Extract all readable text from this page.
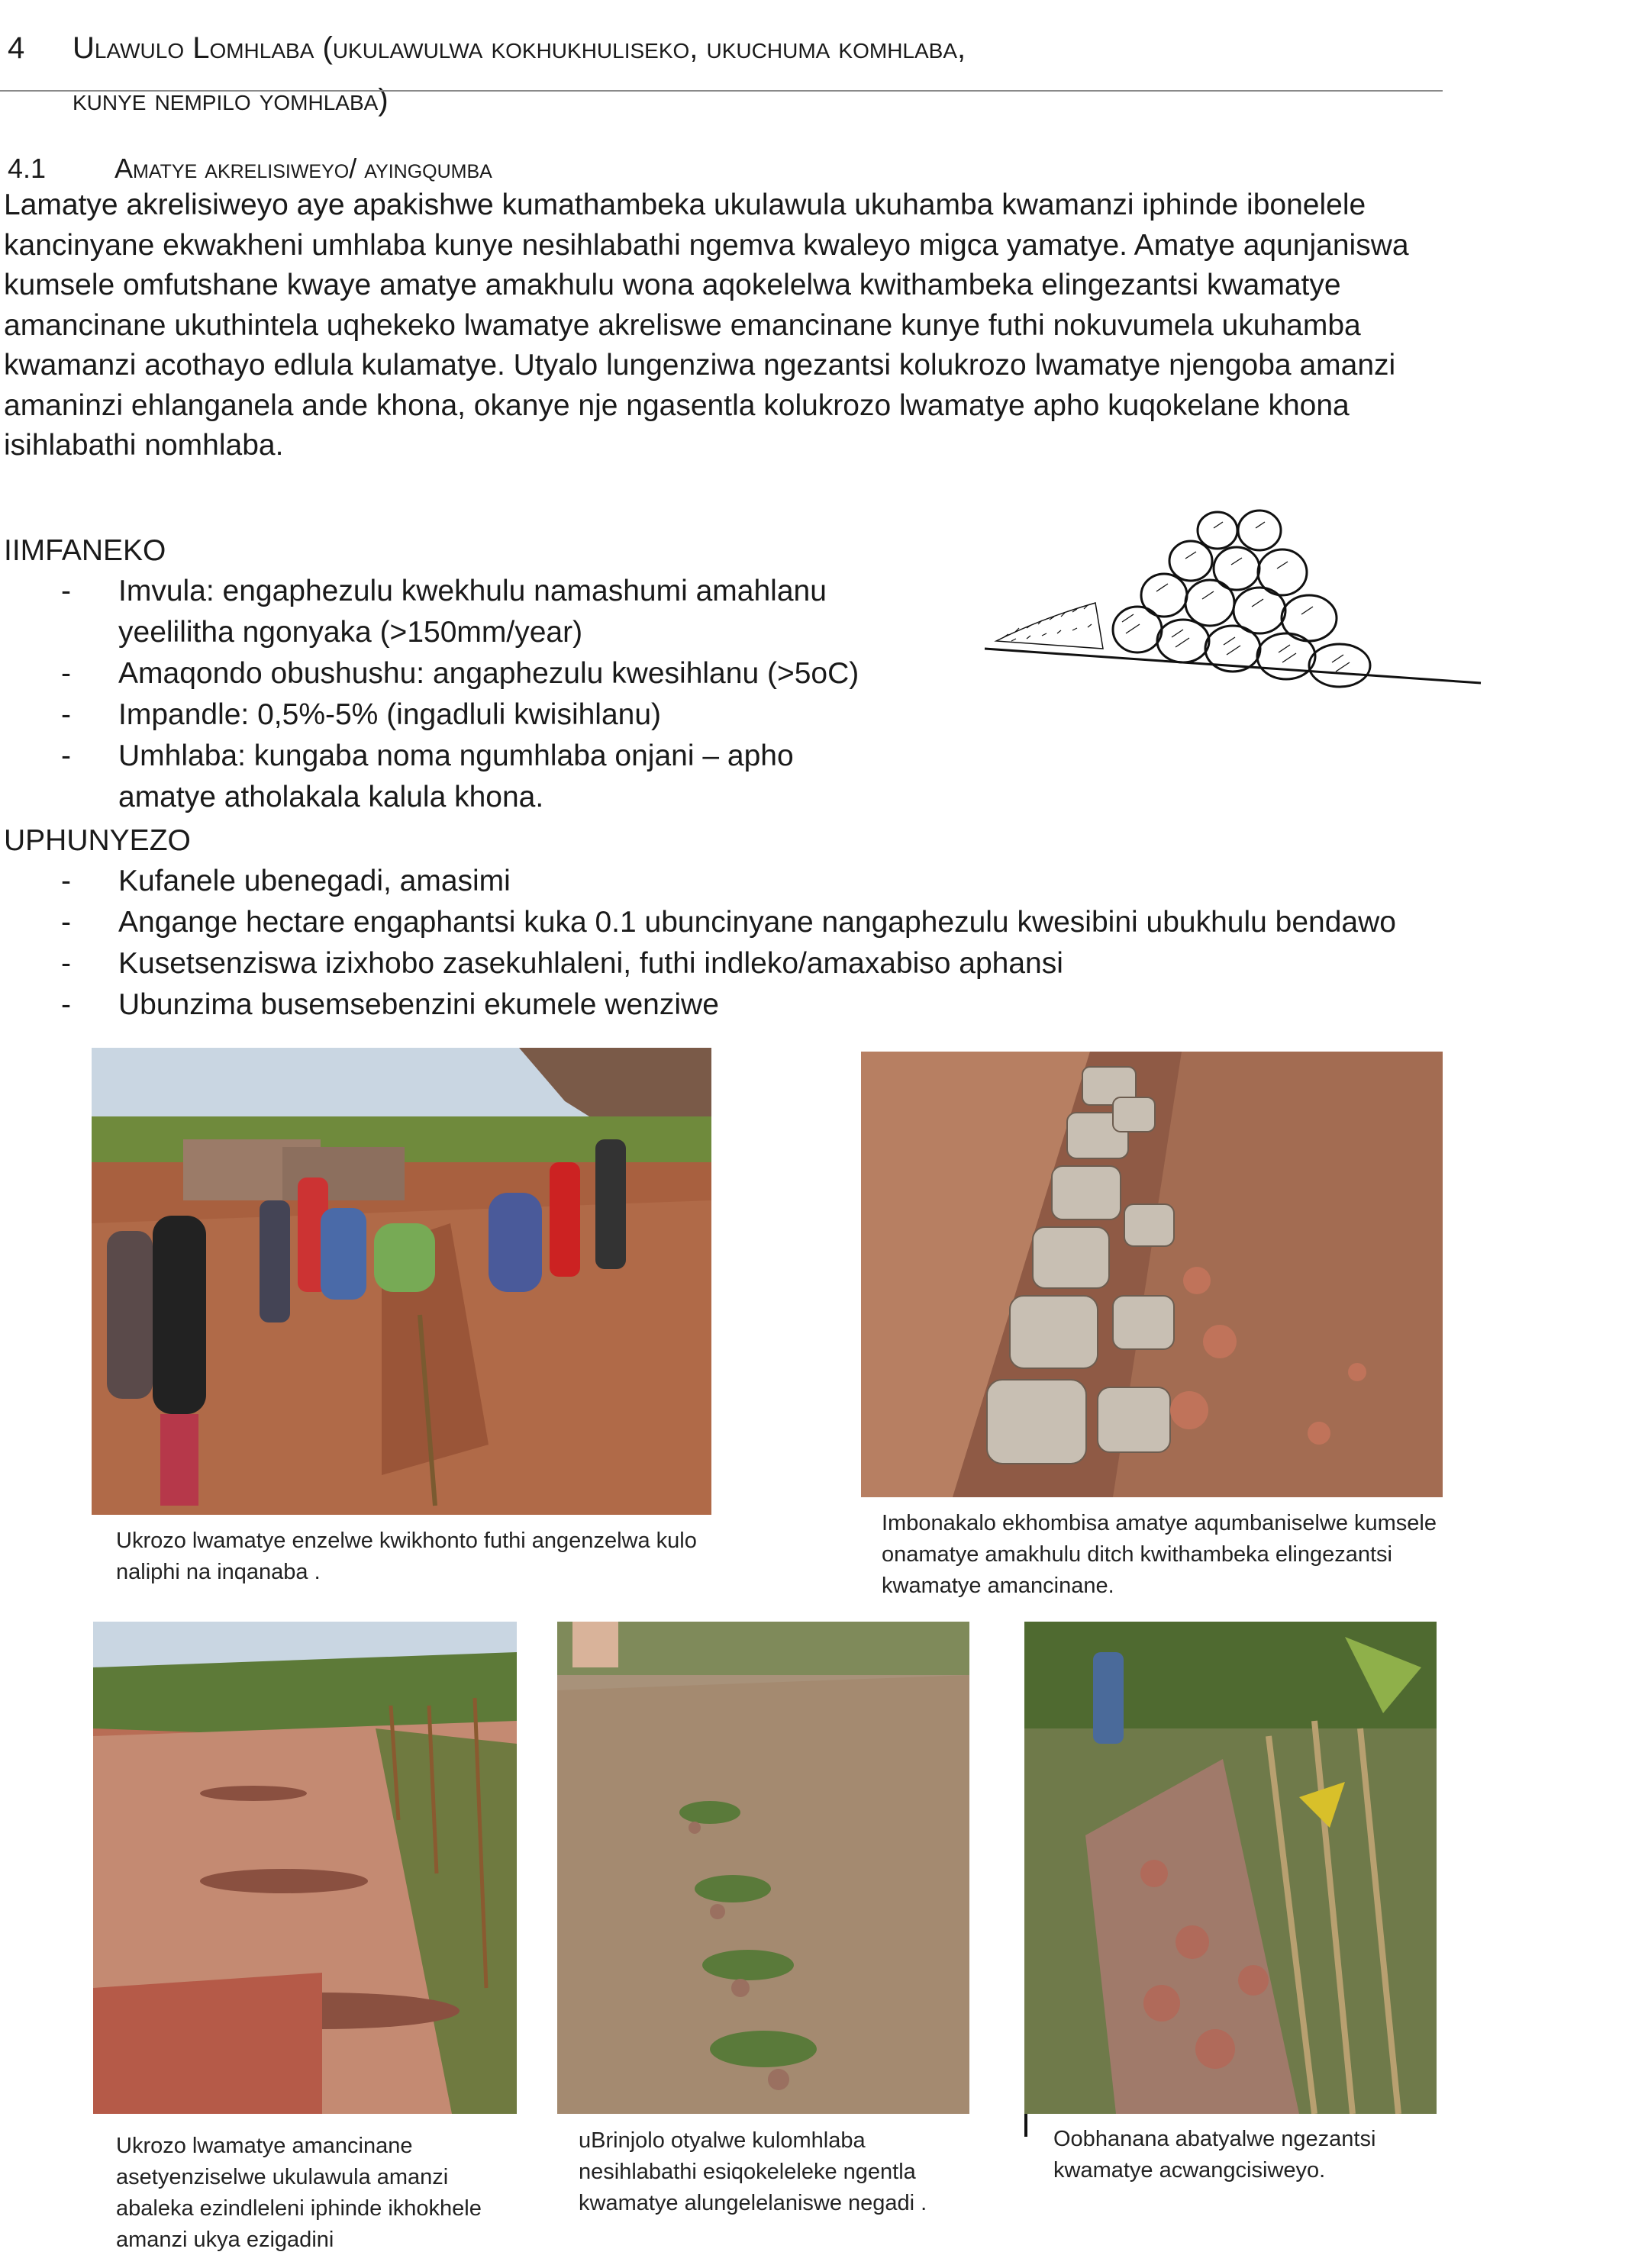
4 Ulawulo Lomhlaba (ukulawulwa kokhukhuliseko, ukuchuma komhlaba,
kunye nempilo yomhlaba)
4.1 Amatye akrelisiweyo/ ayingqumba

Lamatye akrelisiweyo aye apakishwe kumathambeka ukulawula ukuhamba kwamanzi iphinde ibonelele kancinyane ekwakheni umhlaba kunye nesihlabathi ngemva kwaleyo migca yamatye. Amatye aqunjaniswa kumsele omfutshane kwaye amatye amakhulu wona aqokelelwa kwithambeka elingezantsi kwamatye amancinane ukuthintela uqhekeko lwamatye akreliswe emancinane kunye futhi nokuvumela ukuhamba kwamanzi acothayo edlula kulamatye. Utyalo lungenziwa ngezantsi kolukrozo lwamatye njengoba amanzi amaninzi ehlanganela ande khona, okanye nje ngasentla kolukrozo lwamatye apho kuqokelane khona isihlabathi nomhlaba.

IIMFANEKO
- Imvula: engaphezulu kwekhulu namashumi amahlanu yeelilitha ngonyaka (>150mm/year)
- Amaqondo obushushu: angaphezulu kwesihlanu (>5oC)
- Impandle: 0,5%-5% (ingadluli kwisihlanu)
- Umhlaba: kungaba noma ngumhlaba onjani – apho amatye atholakala kalula khona.
UPHUNYEZO
- Kufanele ubenegadi, amasimi
- Angange hectare engaphantsi kuka 0.1 ubuncinyane nangaphezulu kwesibini ubukhulu bendawo
- Kusetsenziswa izixhobo zasekuhlaleni, futhi indleko/amaxabiso aphansi
- Ubunzima busemsebenzini ekumele wenziwe
Ukrozo lwamatye enzelwe kwikhonto futhi angenzelwa kulo naliphi na inqanaba .
Imbonakalo ekhombisa amatye aqumbaniselwe kumsele onamatye amakhulu ditch kwithambeka elingezantsi kwamatye amancinane.
Ukrozo lwamatye amancinane asetyenziselwe ukulawula amanzi abaleka ezindleleni iphinde ikhokhele amanzi ukya ezigadini
uBrinjolo otyalwe kulomhlaba nesihlabathi esiqokeleleke ngentla kwamatye alungelelaniswe negadi .
Oobhanana abatyalwe ngezantsi kwamatye acwangcisiweyo.
